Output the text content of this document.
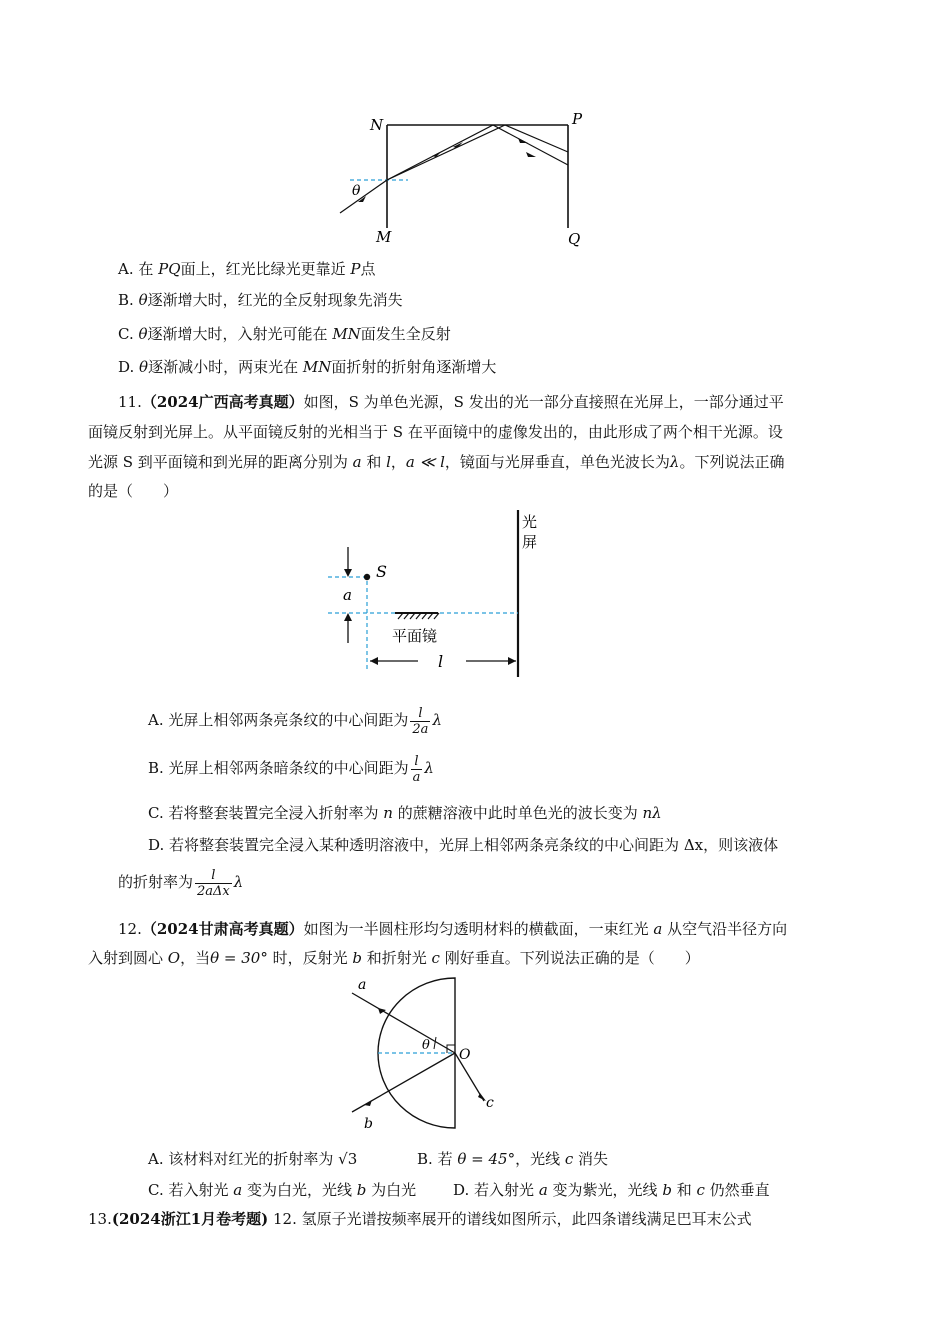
N	P
M	Q
θ
A. 在 PQ面上，红光比绿光更靠近 P点
B. θ逐渐增大时，红光的全反射现象先消失
C. θ逐渐增大时，入射光可能在 MN面发生全反射
D. θ逐渐减小时，两束光在 MN面折射的折射角逐渐增大
11.（2024广西高考真题）如图，S 为单色光源，S 发出的光一部分直接照在光屏上，一部分通过平
面镜反射到光屏上。从平面镜反射的光相当于 S 在平面镜中的虚像发出的，由此形成了两个相干光源。设
光源 S 到平面镜和到光屏的距离分别为 a 和 l，a ≪ l，镜面与光屏垂直，单色光波长为λ。下列说法正确
的是（　　）
光
屏
S
a
平面镜
l
A. 光屏上相邻两条亮条纹的中心间距为 $\frac{l}{2a}$ λ
B. 光屏上相邻两条暗条纹的中心间距为 $\frac{l}{a}$ λ
C. 若将整套装置完全浸入折射率为 n 的蔗糖溶液中此时单色光的波长变为 nλ
D. 若将整套装置完全浸入某种透明溶液中，光屏上相邻两条亮条纹的中心间距为 Δx，则该液体
的折射率为 $\frac{l}{\text{2aΔx}}$ λ
12.（2024甘肃高考真题）如图为一半圆柱形均匀透明材料的横截面，一束红光 a 从空气沿半径方向
入射到圆心 O，当θ = 30° 时，反射光 b 和折射光 c 刚好垂直。下列说法正确的是（　　）
a
b
c
O
θ
A. 该材料对红光的折射率为 √3	B. 若 θ = 45°，光线 c 消失
C. 若入射光 a 变为白光，光线 b 为白光 D. 若入射光 a 变为紫光，光线 b 和 c 仍然垂直
13.(2024浙江1月卷考题) 12. 氢原子光谱按频率展开的谱线如图所示，此四条谱线满足巴耳末公式
